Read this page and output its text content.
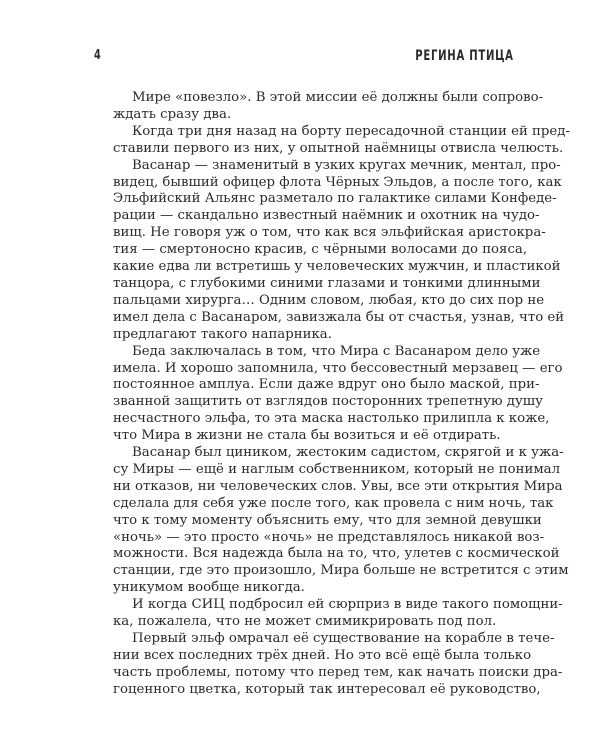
4	РЕГИНА ПТИЦА
Мире «повезло». В этой миссии её должны были сопрово-
ждать сразу два.
Когда три дня назад на борту пересадочной станции ей пред-
ставили первого из них, у опытной наёмницы отвисла челюсть.
Васанар — знаменитый в узких кругах мечник, ментал, про-
видец, бывший офицер флота Чёрных Эльдов, а после того, как
Эльфийский Альянс разметало по галактике силами Конфеде-
рации — скандально известный наёмник и охотник на чудо-
вищ. Не говоря уж о том, что как вся эльфийская аристокра-
тия — смертоносно красив, с чёрными волосами до пояса,
какие едва ли встретишь у человеческих мужчин, и пластикой
танцора, с глубокими синими глазами и тонкими длинными
пальцами хирурга… Одним словом, любая, кто до сих пор не
имел дела с Васанаром, завизжала бы от счастья, узнав, что ей
предлагают такого напарника.
Беда заключалась в том, что Мира с Васанаром дело уже
имела. И хорошо запомнила, что бессовестный мерзавец — его
постоянное амплуа. Если даже вдруг оно было маской, при-
званной защитить от взглядов посторонних трепетную душу
несчастного эльфа, то эта маска настолько прилипла к коже,
что Мира в жизни не стала бы возиться и её отдирать.
Васанар был циником, жестоким садистом, скрягой и к ужа-
су Миры — ещё и наглым собственником, который не понимал
ни отказов, ни человеческих слов. Увы, все эти открытия Мира
сделала для себя уже после того, как провела с ним ночь, так
что к тому моменту объяснить ему, что для земной девушки
«ночь» — это просто «ночь» не представлялось никакой воз-
можности. Вся надежда была на то, что, улетев с космической
станции, где это произошло, Мира больше не встретится с этим
уникумом вообще никогда.
И когда СИЦ подбросил ей сюрприз в виде такого помощни-
ка, пожалела, что не может смимикрировать под пол.
Первый эльф омрачал её существование на корабле в тече-
нии всех последних трёх дней. Но это всё ещё была только
часть проблемы, потому что перед тем, как начать поиски дра-
гоценного цветка, который так интересовал её руководство,
